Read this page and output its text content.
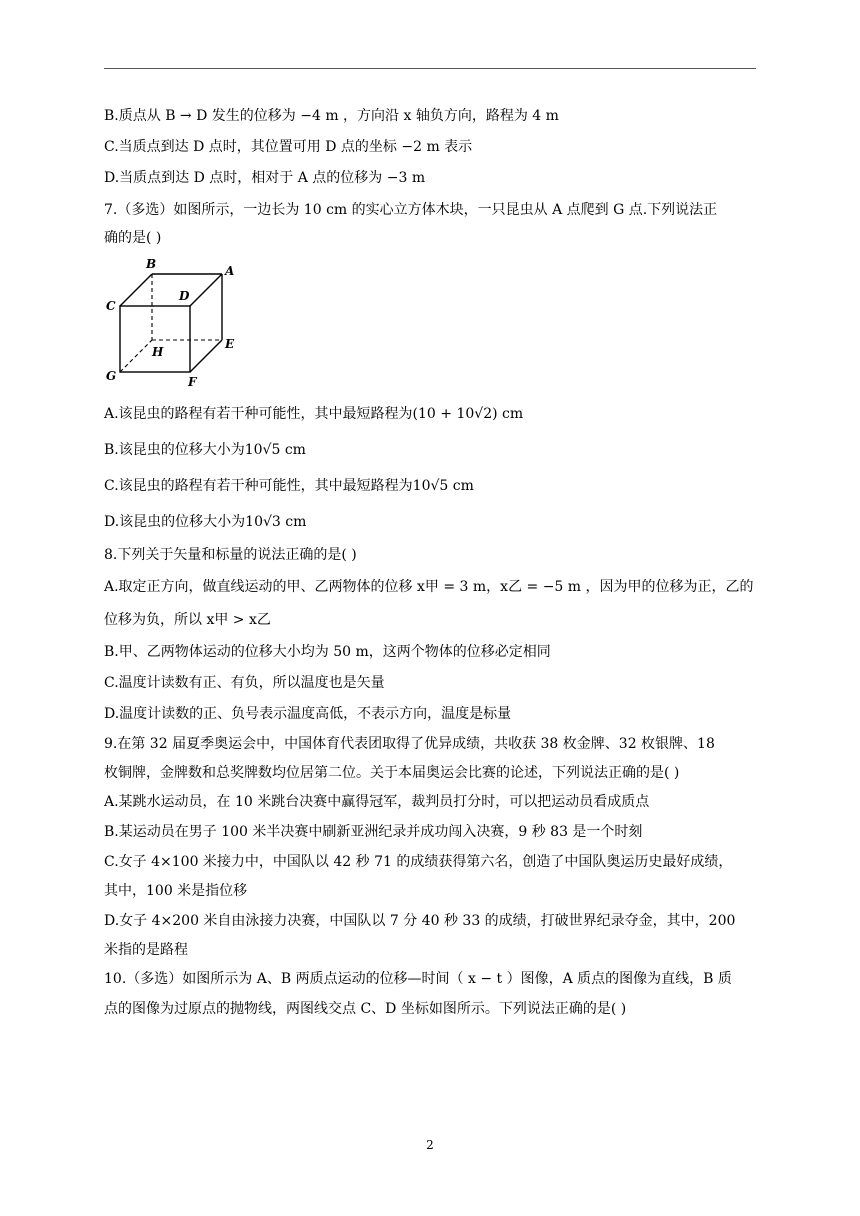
B.质点从 B → D 发生的位移为 −4 m ，方向沿 x 轴负方向，路程为 4 m
C.当质点到达 D 点时，其位置可用 D 点的坐标 −2 m 表示
D.当质点到达 D 点时，相对于 A 点的位移为 −3 m
7.（多选）如图所示，一边长为 10 cm 的实心立方体木块，一只昆虫从 A 点爬到 G 点.下列说法正
确的是( )
B	A
C
D
E
H
G	F
A.该昆虫的路程有若干种可能性，其中最短路程为(10 + 10√2) cm
B.该昆虫的位移大小为10√5 cm
C.该昆虫的路程有若干种可能性，其中最短路程为10√5 cm
D.该昆虫的位移大小为10√3 cm
8.下列关于矢量和标量的说法正确的是( )
A.取定正方向，做直线运动的甲、乙两物体的位移 x甲 = 3 m，x乙 = −5 m ，因为甲的位移为正，乙的
位移为负，所以 x甲 > x乙
B.甲、乙两物体运动的位移大小均为 50 m，这两个物体的位移必定相同
C.温度计读数有正、有负，所以温度也是矢量
D.温度计读数的正、负号表示温度高低，不表示方向，温度是标量
9.在第 32 届夏季奥运会中，中国体育代表团取得了优异成绩，共收获 38 枚金牌、32 枚银牌、18
枚铜牌，金牌数和总奖牌数均位居第二位。关于本届奥运会比赛的论述，下列说法正确的是( )
A.某跳水运动员，在 10 米跳台决赛中赢得冠军，裁判员打分时，可以把运动员看成质点
B.某运动员在男子 100 米半决赛中刷新亚洲纪录并成功闯入决赛，9 秒 83 是一个时刻
C.女子 4×100 米接力中，中国队以 42 秒 71 的成绩获得第六名，创造了中国队奥运历史最好成绩，
其中，100 米是指位移
D.女子 4×200 米自由泳接力决赛，中国队以 7 分 40 秒 33 的成绩，打破世界纪录夺金，其中，200
米指的是路程
10.（多选）如图所示为 A、B 两质点运动的位移—时间（ x − t ）图像，A 质点的图像为直线，B 质
点的图像为过原点的抛物线，两图线交点 C、D 坐标如图所示。下列说法正确的是( )
2
